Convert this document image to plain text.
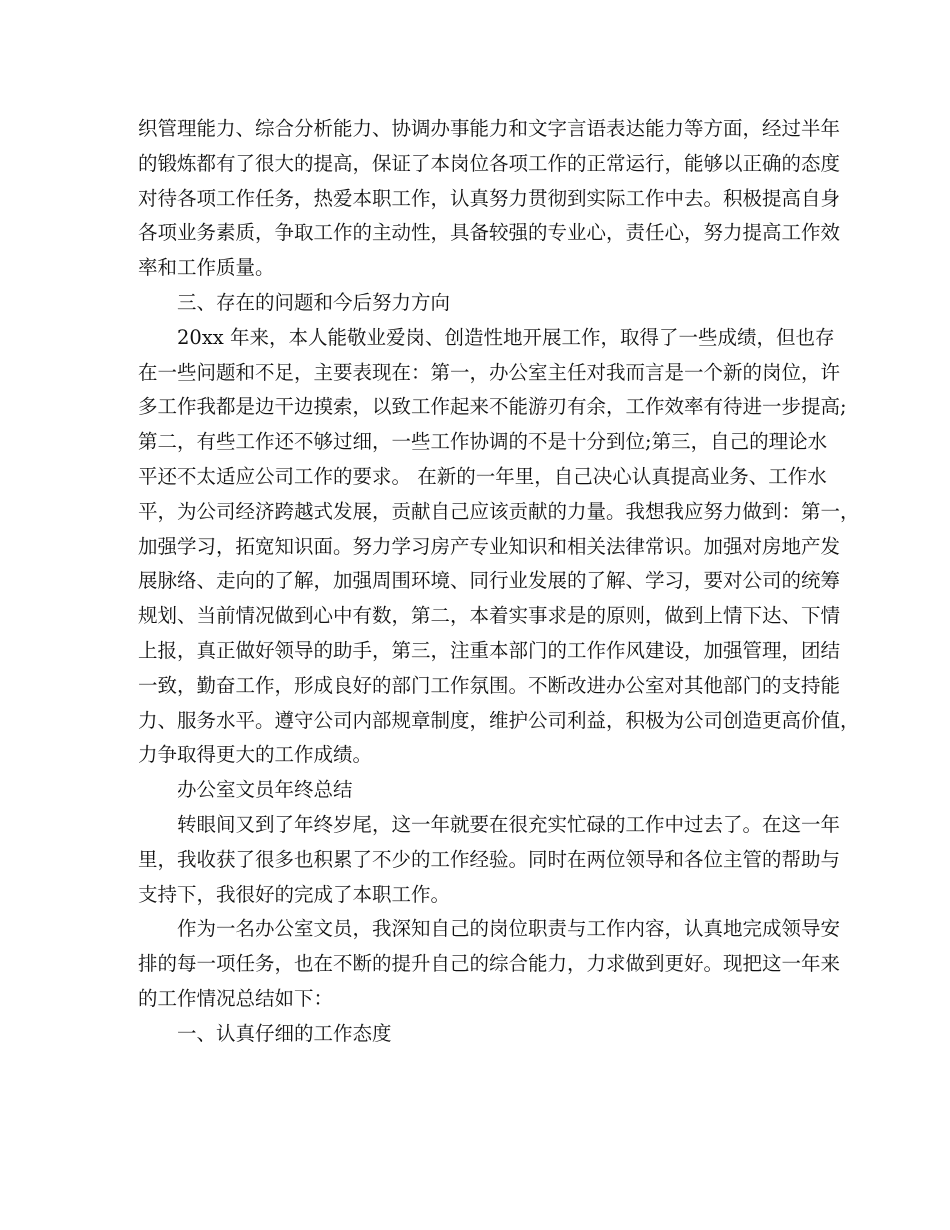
织管理能力、综合分析能力、协调办事能力和文字言语表达能力等方面，经过半年
的锻炼都有了很大的提高，保证了本岗位各项工作的正常运行，能够以正确的态度
对待各项工作任务，热爱本职工作，认真努力贯彻到实际工作中去。积极提高自身
各项业务素质，争取工作的主动性，具备较强的专业心，责任心，努力提高工作效
率和工作质量。
三、存在的问题和今后努力方向
20xx 年来，本人能敬业爱岗、创造性地开展工作，取得了一些成绩，但也存
在一些问题和不足，主要表现在：第一，办公室主任对我而言是一个新的岗位，许
多工作我都是边干边摸索，以致工作起来不能游刃有余，工作效率有待进一步提高;
第二，有些工作还不够过细，一些工作协调的不是十分到位;第三，自己的理论水
平还不太适应公司工作的要求。 在新的一年里，自己决心认真提高业务、工作水
平，为公司经济跨越式发展，贡献自己应该贡献的力量。我想我应努力做到：第一，
加强学习，拓宽知识面。努力学习房产专业知识和相关法律常识。加强对房地产发
展脉络、走向的了解，加强周围环境、同行业发展的了解、学习，要对公司的统筹
规划、当前情况做到心中有数，第二，本着实事求是的原则，做到上情下达、下情
上报，真正做好领导的助手，第三，注重本部门的工作作风建设，加强管理，团结
一致，勤奋工作，形成良好的部门工作氛围。不断改进办公室对其他部门的支持能
力、服务水平。遵守公司内部规章制度，维护公司利益，积极为公司创造更高价值，
力争取得更大的工作成绩。
办公室文员年终总结
转眼间又到了年终岁尾，这一年就要在很充实忙碌的工作中过去了。在这一年
里，我收获了很多也积累了不少的工作经验。同时在两位领导和各位主管的帮助与
支持下，我很好的完成了本职工作。
作为一名办公室文员，我深知自己的岗位职责与工作内容，认真地完成领导安
排的每一项任务，也在不断的提升自己的综合能力，力求做到更好。现把这一年来
的工作情况总结如下：
一、认真仔细的工作态度
